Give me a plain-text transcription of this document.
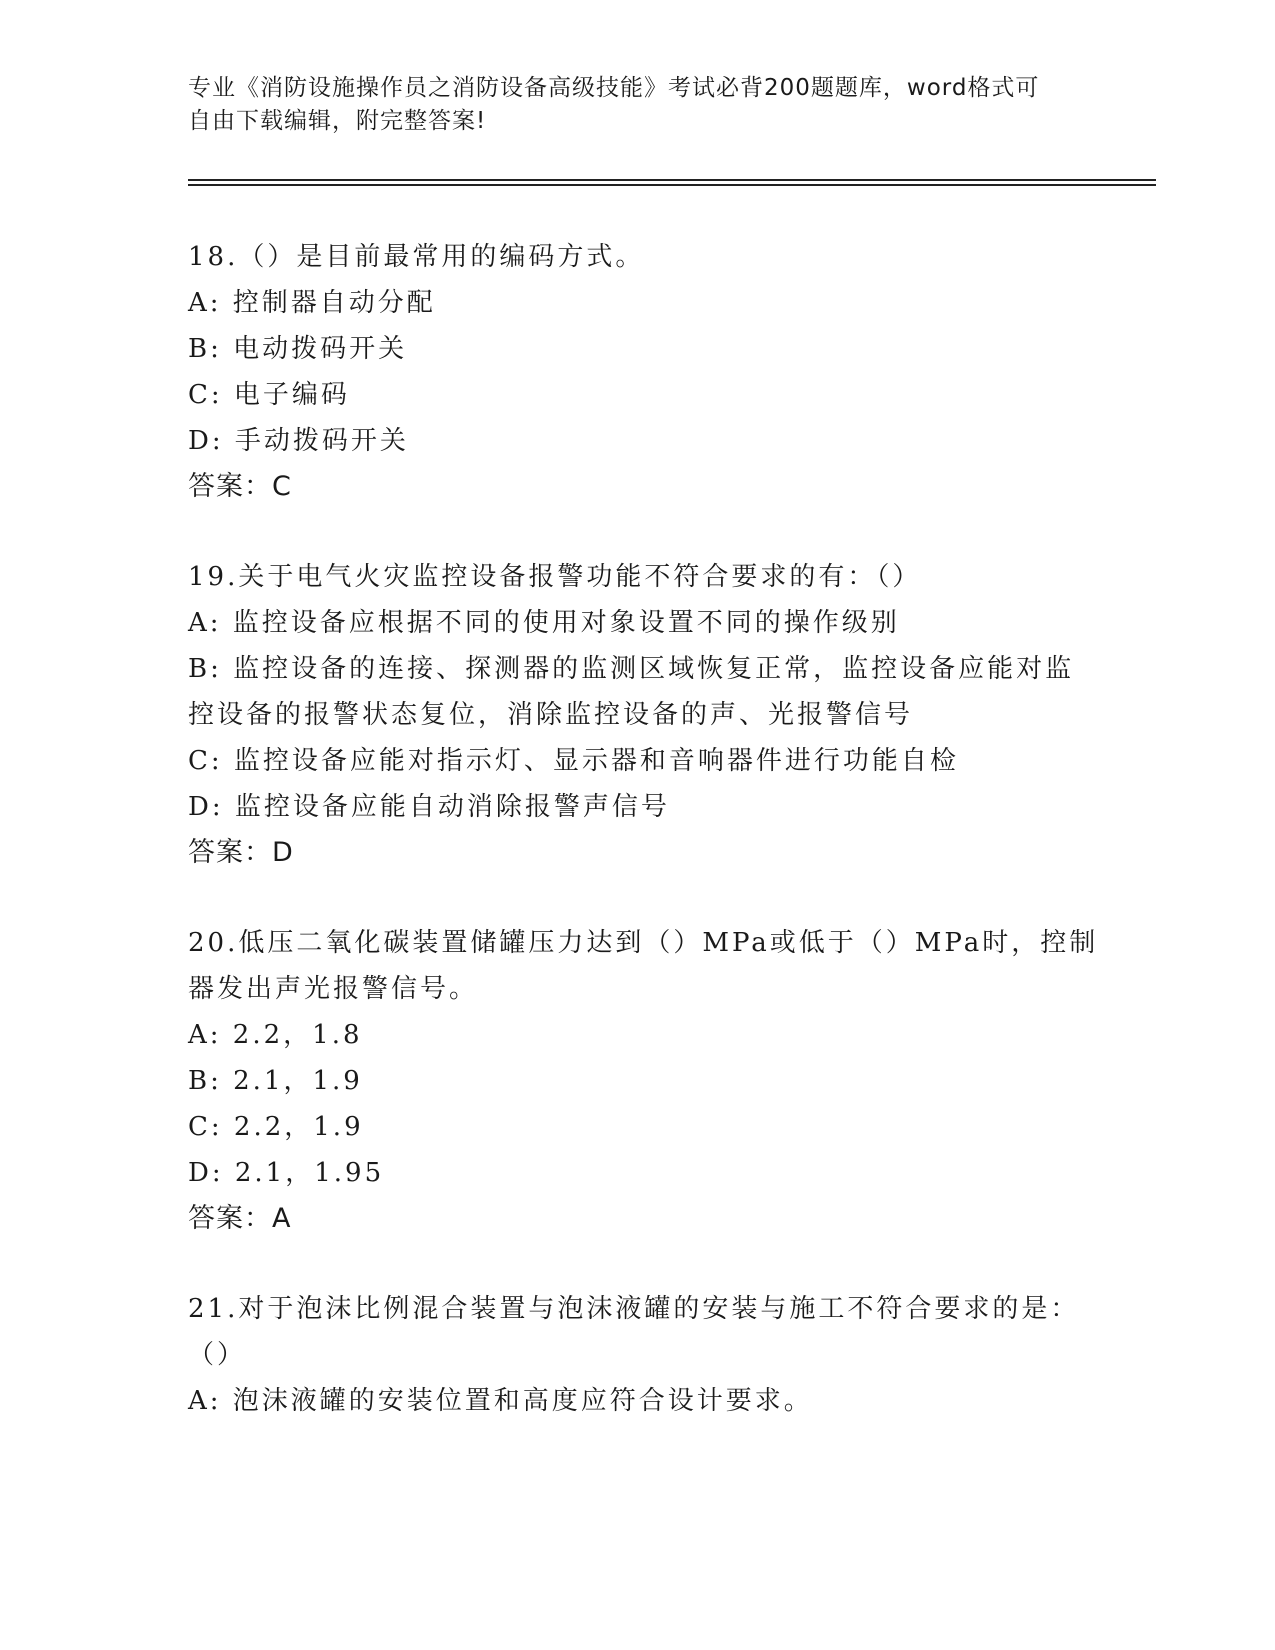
专业《消防设施操作员之消防设备高级技能》考试必背200题题库，word格式可
自由下载编辑，附完整答案!
18.（）是目前最常用的编码方式。
A: 控制器自动分配
B: 电动拨码开关
C: 电子编码
D: 手动拨码开关
答案：C
19.关于电气火灾监控设备报警功能不符合要求的有：（）
A: 监控设备应根据不同的使用对象设置不同的操作级别
B: 监控设备的连接、探测器的监测区域恢复正常，监控设备应能对监
控设备的报警状态复位，消除监控设备的声、光报警信号
C: 监控设备应能对指示灯、显示器和音响器件进行功能自检
D: 监控设备应能自动消除报警声信号
答案：D
20.低压二氧化碳装置储罐压力达到（）MPa或低于（）MPa时，控制
器发出声光报警信号。
A: 2.2，1.8
B: 2.1，1.9
C: 2.2，1.9
D: 2.1，1.95
答案：A
21.对于泡沫比例混合装置与泡沫液罐的安装与施工不符合要求的是：
（）
A: 泡沫液罐的安装位置和高度应符合设计要求。
